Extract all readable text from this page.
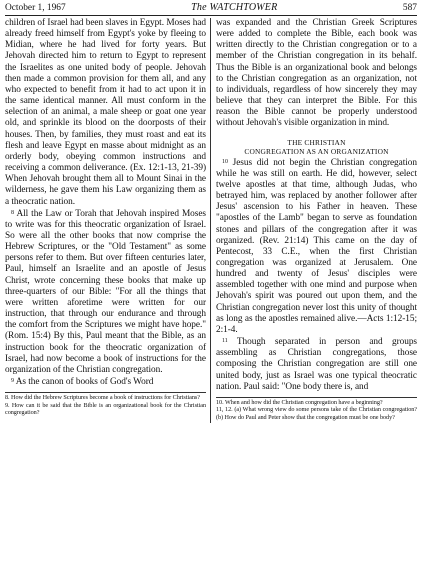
October 1, 1967	The WATCHTOWER	587

children of Israel had been slaves in Egypt. Moses had already freed himself from Egypt's yoke by fleeing to Midian, where he had lived for forty years. But Jehovah directed him to return to Egypt to represent the Israelites as one united body of people. Jehovah then made a common provision for them all, and any who expected to benefit from it had to act upon it in the same identical manner. All must conform in the selection of an animal, a male sheep or goat one year old, and sprinkle its blood on the doorposts of their houses. Then, by families, they must roast and eat its flesh and leave Egypt en masse about midnight as an orderly body, obeying common instructions and receiving a common deliverance. (Ex. 12:1-13, 21-39) When Jehovah brought them all to Mount Sinai in the wilderness, he gave them his Law organizing them as a theocratic nation.

$^8$ All the Law or Torah that Jehovah inspired Moses to write was for this theocratic organization of Israel. So were all the other books that now comprise the Hebrew Scriptures, or the "Old Testament" as some persons refer to them. But over fifteen centuries later, Paul, himself an Israelite and an apostle of Jesus Christ, wrote concerning these books that make up three-quarters of our Bible: "For all the things that were written aforetime were written for our instruction, that through our endurance and through the comfort from the Scriptures we might have hope." (Rom. 15:4) By this, Paul meant that the Bible, as an instruction book for the theocratic organization of Israel, had now become a book of instructions for the organization of the Christian congregation.

$^9$ As the canon of books of God's Word

8. How did the Hebrew Scriptures become a book of instructions for Christians?

9. How can it be said that the Bible is an organizational book for the Christian congregation?

was expanded and the Christian Greek Scriptures were added to complete the Bible, each book was written directly to the Christian congregation or to a member of the Christian congregation in its behalf. Thus the Bible is an organizational book and belongs to the Christian congregation as an organization, not to individuals, regardless of how sincerely they may believe that they can interpret the Bible. For this reason the Bible cannot be properly understood without Jehovah's visible organization in mind.

THE CHRISTIAN
CONGREGATION AS AN ORGANIZATION

$^{10}$ Jesus did not begin the Christian congregation while he was still on earth. He did, however, select twelve apostles at that time, although Judas, who betrayed him, was replaced by another follower after Jesus' ascension to his Father in heaven. These "apostles of the Lamb" began to serve as foundation stones and pillars of the congregation after it was organized. (Rev. 21:14) This came on the day of Pentecost, 33 C.E., when the first Christian congregation was organized at Jerusalem. One hundred and twenty of Jesus' disciples were assembled together with one mind and purpose when Jehovah's spirit was poured out upon them, and the Christian congregation never lost this unity of thought as long as the apostles remained alive.—Acts 1:12-15; 2:1-4.

$^{11}$ Though separated in person and groups assembling as Christian congregations, those composing the Christian congregation are still one united body, just as Israel was one typical theocratic nation. Paul said: "One body there is, and

10. When and how did the Christian congregation have a beginning?

11, 12. (a) What wrong view do some persons take of the Christian congregation? (b) How do Paul and Peter show that the congregation must be one body?
